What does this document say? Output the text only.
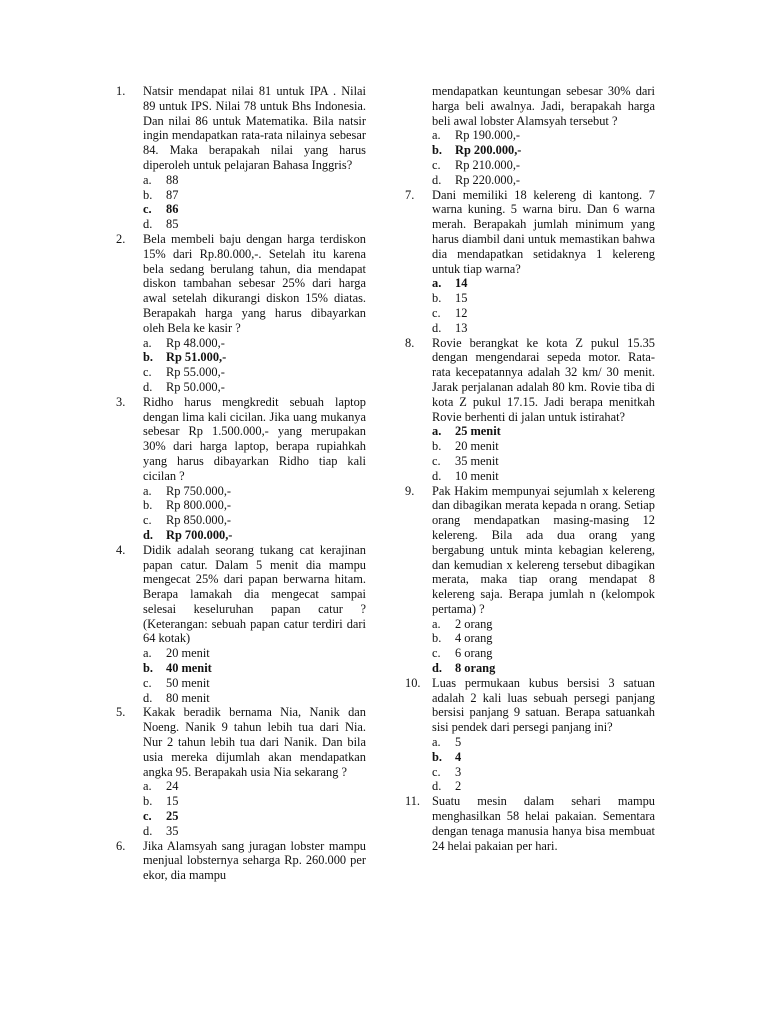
1. Natsir mendapat nilai 81 untuk IPA . Nilai 89 untuk IPS. Nilai 78 untuk Bhs Indonesia. Dan nilai 86 untuk Matematika. Bila natsir ingin mendapatkan rata-rata nilainya sebesar 84. Maka berapakah nilai yang harus diperoleh untuk pelajaran Bahasa Inggris?
a. 88
b. 87
c. 86
d. 85
2. Bela membeli baju dengan harga terdiskon 15% dari Rp.80.000,-. Setelah itu karena bela sedang berulang tahun, dia mendapat diskon tambahan sebesar 25% dari harga awal setelah dikurangi diskon 15% diatas. Berapakah harga yang harus dibayarkan oleh Bela ke kasir ?
a. Rp 48.000,-
b. Rp 51.000,-
c. Rp 55.000,-
d. Rp 50.000,-
3. Ridho harus mengkredit sebuah laptop dengan lima kali cicilan. Jika uang mukanya sebesar Rp 1.500.000,- yang merupakan 30% dari harga laptop, berapa rupiahkah yang harus dibayarkan Ridho tiap kali cicilan ?
a. Rp 750.000,-
b. Rp 800.000,-
c. Rp 850.000,-
d. Rp 700.000,-
4. Didik adalah seorang tukang cat kerajinan papan catur. Dalam 5 menit dia mampu mengecat 25% dari papan berwarna hitam. Berapa lamakah dia mengecat sampai selesai keseluruhan papan catur ? (Keterangan: sebuah papan catur terdiri dari 64 kotak)
a. 20 menit
b. 40 menit
c. 50 menit
d. 80 menit
5. Kakak beradik bernama Nia, Nanik dan Noeng. Nanik 9 tahun lebih tua dari Nia. Nur 2 tahun lebih tua dari Nanik. Dan bila usia mereka dijumlah akan mendapatkan angka 95. Berapakah usia Nia sekarang ?
a. 24
b. 15
c. 25
d. 35
6. Jika Alamsyah sang juragan lobster mampu menjual lobsternya seharga Rp. 260.000 per ekor, dia mampu
mendapatkan keuntungan sebesar 30% dari harga beli awalnya. Jadi, berapakah harga beli awal lobster Alamsyah tersebut ?
a. Rp 190.000,-
b. Rp 200.000,-
c. Rp 210.000,-
d. Rp 220.000,-
7. Dani memiliki 18 kelereng di kantong. 7 warna kuning. 5 warna biru. Dan 6 warna merah. Berapakah jumlah minimum yang harus diambil dani untuk memastikan bahwa dia mendapatkan setidaknya 1 kelereng untuk tiap warna?
a. 14
b. 15
c. 12
d. 13
8. Rovie berangkat ke kota Z pukul 15.35 dengan mengendarai sepeda motor. Rata-rata kecepatannya adalah 32 km/ 30 menit. Jarak perjalanan adalah 80 km. Rovie tiba di kota Z pukul 17.15. Jadi berapa menitkah Rovie berhenti di jalan untuk istirahat?
a. 25 menit
b. 20 menit
c. 35 menit
d. 10 menit
9. Pak Hakim mempunyai sejumlah x kelereng dan dibagikan merata kepada n orang. Setiap orang mendapatkan masing-masing 12 kelereng. Bila ada dua orang yang bergabung untuk minta kebagian kelereng, dan kemudian x kelereng tersebut dibagikan merata, maka tiap orang mendapat 8 kelereng saja. Berapa jumlah n (kelompok pertama) ?
a. 2 orang
b. 4 orang
c. 6 orang
d. 8 orang
10. Luas permukaan kubus bersisi 3 satuan adalah 2 kali luas sebuah persegi panjang bersisi panjang 9 satuan. Berapa satuankah sisi pendek dari persegi panjang ini?
a. 5
b. 4
c. 3
d. 2
11. Suatu mesin dalam sehari mampu menghasilkan 58 helai pakaian. Sementara dengan tenaga manusia hanya bisa membuat 24 helai pakaian per hari.
